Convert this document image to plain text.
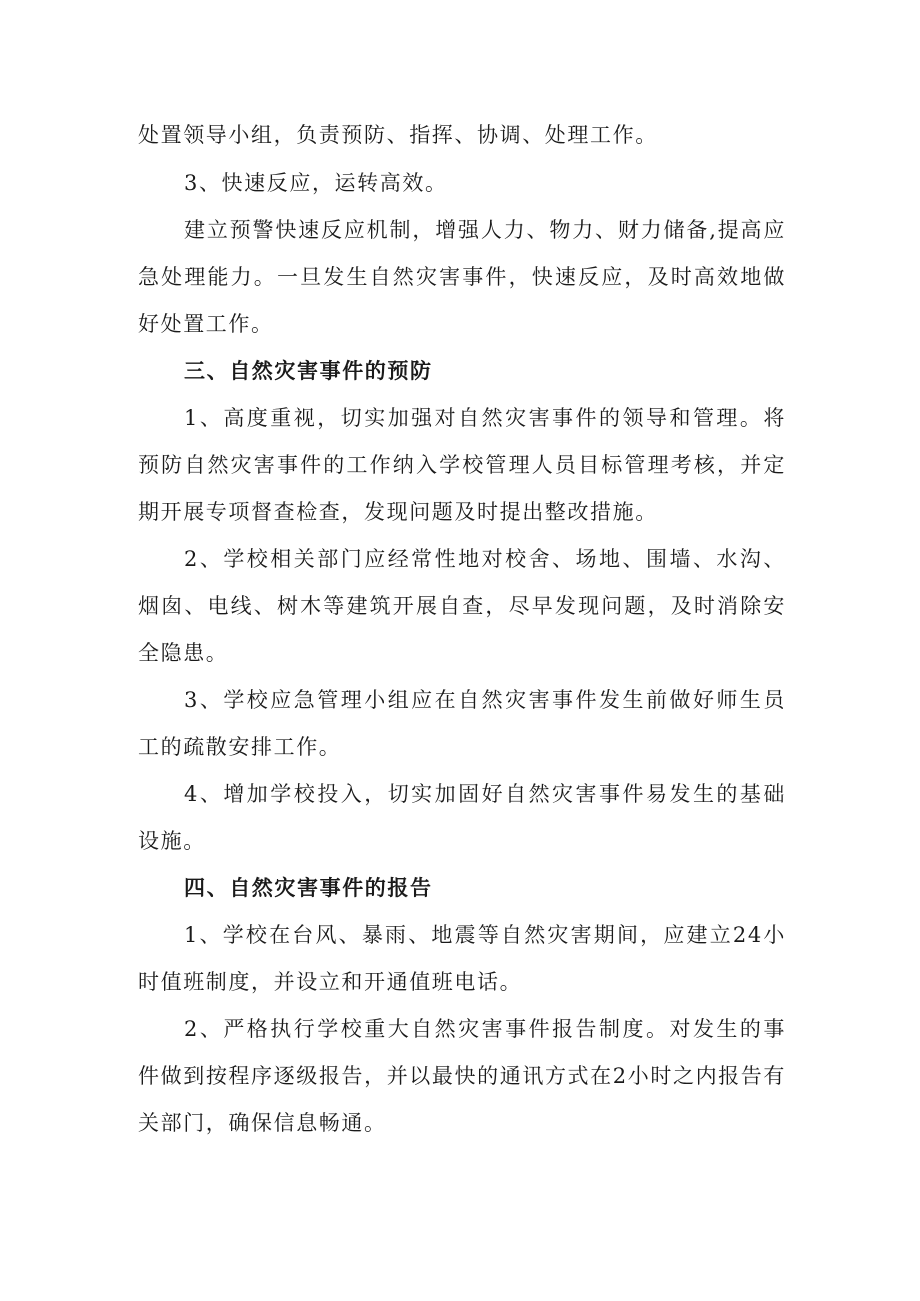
处置领导小组，负责预防、指挥、协调、处理工作。

3、快速反应，运转高效。

建立预警快速反应机制，增强人力、物力、财力储备,提高应急处理能力。一旦发生自然灾害事件，快速反应，及时高效地做好处置工作。

三、自然灾害事件的预防

1、高度重视，切实加强对自然灾害事件的领导和管理。将预防自然灾害事件的工作纳入学校管理人员目标管理考核，并定期开展专项督查检查，发现问题及时提出整改措施。

2、学校相关部门应经常性地对校舍、场地、围墙、水沟、烟囱、电线、树木等建筑开展自查，尽早发现问题，及时消除安全隐患。

3、学校应急管理小组应在自然灾害事件发生前做好师生员工的疏散安排工作。

4、增加学校投入，切实加固好自然灾害事件易发生的基础设施。

四、自然灾害事件的报告

1、学校在台风、暴雨、地震等自然灾害期间，应建立24小时值班制度，并设立和开通值班电话。

2、严格执行学校重大自然灾害事件报告制度。对发生的事件做到按程序逐级报告，并以最快的通讯方式在2小时之内报告有关部门，确保信息畅通。
